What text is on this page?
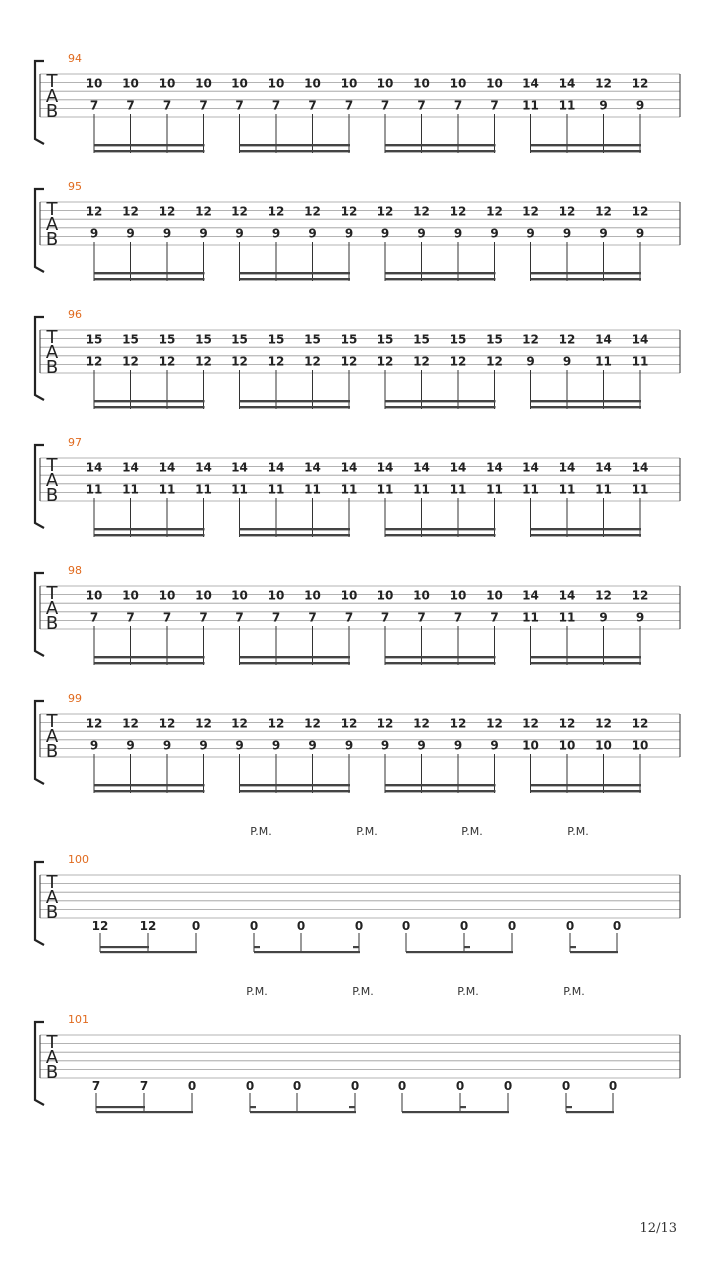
T
A
B
94
10
7
10
7
10
7
10
7
10
7
10
7
10
7
10
7
10
7
10
7
10
7
10
7
14
11
14
11
12
9
12
9
T
A
B
95
12
9
12
9
12
9
12
9
12
9
12
9
12
9
12
9
12
9
12
9
12
9
12
9
12
9
12
9
12
9
12
9
T
A
B
96
15
12
15
12
15
12
15
12
15
12
15
12
15
12
15
12
15
12
15
12
15
12
15
12
12
9
12
9
14
11
14
11
T
A
B
97
14
11
14
11
14
11
14
11
14
11
14
11
14
11
14
11
14
11
14
11
14
11
14
11
14
11
14
11
14
11
14
11
T
A
B
98
10
7
10
7
10
7
10
7
10
7
10
7
10
7
10
7
10
7
10
7
10
7
10
7
14
11
14
11
12
9
12
9
T
A
B
99
12
9
12
9
12
9
12
9
12
9
12
9
12
9
12
9
12
9
12
9
12
9
12
9
12
10
12
10
12
10
12
10
T
A
B
100
P.M.	P.M.	P.M.	P.M.
12	12	0	0	0	0	0	0	0	0	0
T
A
B
101
P.M.	P.M.	P.M.	P.M.
7	7	0	0	0	0	0	0	0	0	0
12/13
